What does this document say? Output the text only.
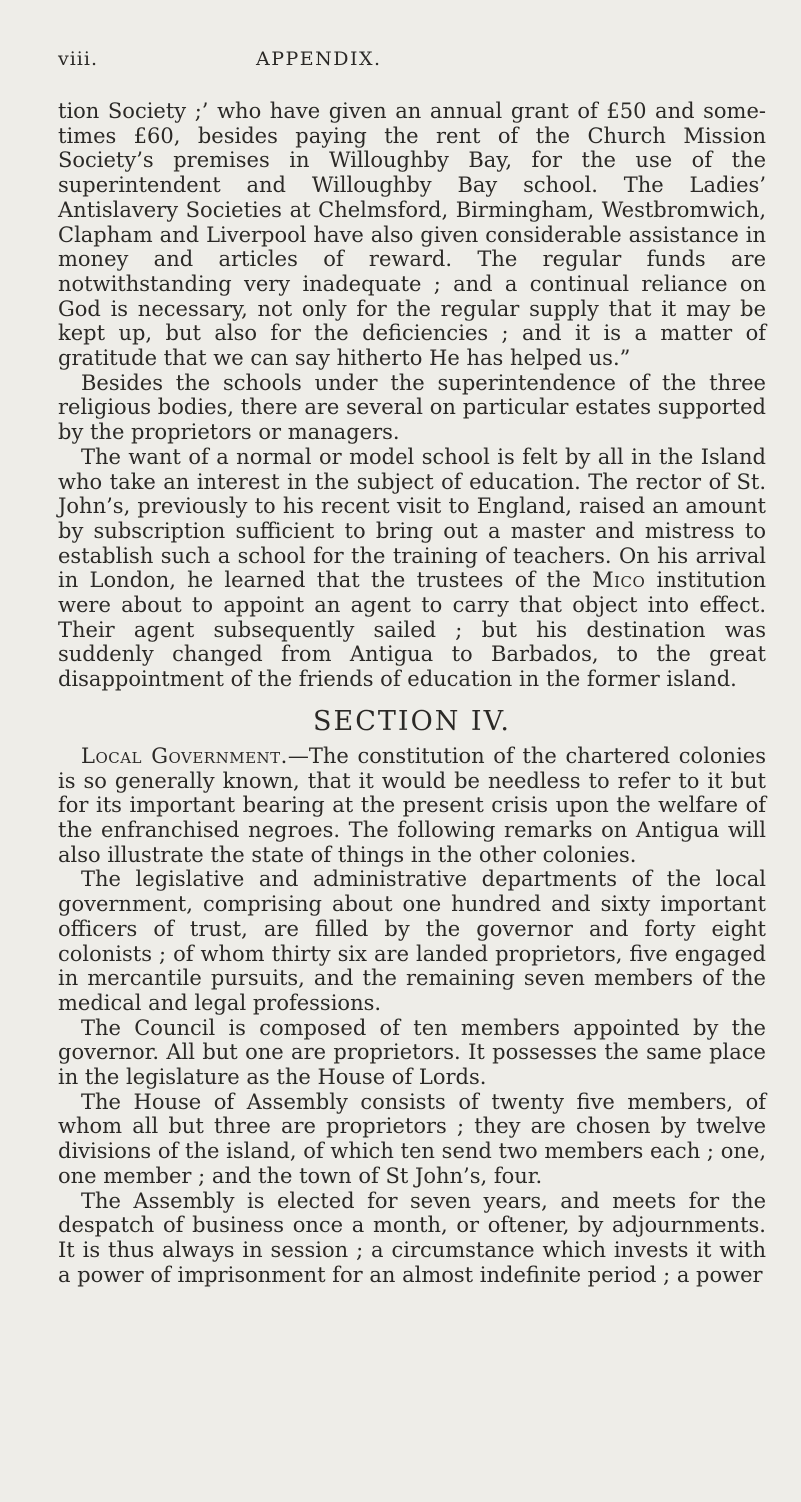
viii.	APPENDIX.

tion Society ;’ who have given an annual grant of £50 and some-times £60, besides paying the rent of the Church Mission Society’s premises in Willoughby Bay, for the use of the superintendent and Willoughby Bay school. The Ladies’ Antislavery Societies at Chelmsford, Birmingham, Westbromwich, Clapham and Liverpool have also given considerable assistance in money and articles of reward. The regular funds are notwithstanding very inadequate ; and a continual reliance on God is necessary, not only for the regular supply that it may be kept up, but also for the deficiencies ; and it is a matter of gratitude that we can say hitherto He has helped us.”

Besides the schools under the superintendence of the three religious bodies, there are several on particular estates supported by the proprietors or managers.

The want of a normal or model school is felt by all in the Island who take an interest in the subject of education. The rector of St. John’s, previously to his recent visit to England, raised an amount by subscription sufficient to bring out a master and mistress to establish such a school for the training of teachers. On his arrival in London, he learned that the trustees of the Mico institution were about to appoint an agent to carry that object into effect. Their agent subsequently sailed ; but his destination was suddenly changed from Antigua to Barbados, to the great disappointment of the friends of education in the former island.

SECTION IV.

Local Government.—The constitution of the chartered colonies is so generally known, that it would be needless to refer to it but for its important bearing at the present crisis upon the welfare of the enfranchised negroes. The following remarks on Antigua will also illustrate the state of things in the other colonies.

The legislative and administrative departments of the local government, comprising about one hundred and sixty important officers of trust, are filled by the governor and forty eight colonists ; of whom thirty six are landed proprietors, five engaged in mercantile pursuits, and the remaining seven members of the medical and legal professions.

The Council is composed of ten members appointed by the governor. All but one are proprietors. It possesses the same place in the legislature as the House of Lords.

The House of Assembly consists of twenty five members, of whom all but three are proprietors ; they are chosen by twelve divisions of the island, of which ten send two members each ; one, one member ; and the town of St John’s, four.

The Assembly is elected for seven years, and meets for the despatch of business once a month, or oftener, by adjournments. It is thus always in session ; a circumstance which invests it with a power of imprisonment for an almost indefinite period ; a power
